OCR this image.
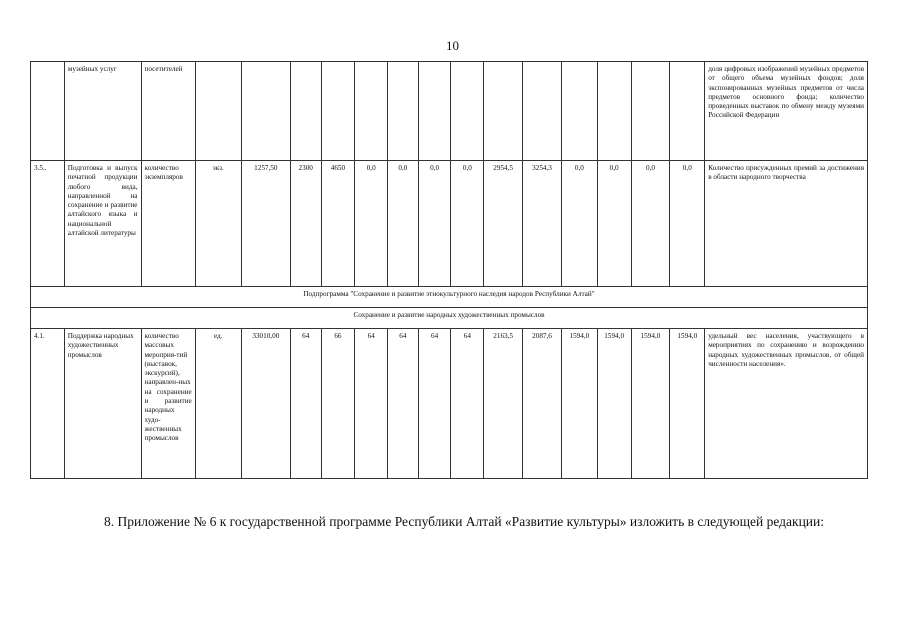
10
	музейных услуг	посетителей															доля цифровых изображений музейных предметов от общего объема музейных фондов; доля экспонированных музейных предметов от числа предметов основного фонда; количество проведенных выставок по обмену между музеями Российской Федерации
3.5..	Подготовка и выпуск печатной продукции любого вида, направленной на сохранение и развитие алтайского языка и национальной алтайской литературы	количество экземпляров	экз.	1257,50	2300	4650	0,0	0,0	0,0	0,0	2954,5	3254,3	0,0	0,0	0,0	0,0	Количество присужденных премий за достижения в области народного творчества
Подпрограмма "Сохранение и развитие этнокультурного наследия народов Республики Алтай"																	
Сохранение и развитие народных художественных промыслов																	
4.1.	Поддержка народных художественных промыслов	количество массовых мероприя-тий (выставок, экскурсий), направлен-ных на сохранение и развитие народных худо-жественных промыслов	ед.	33010,00	64	66	64	64	64	64	2163,5	2087,6	1594,0	1594,0	1594,0	1594,0	удельный вес населения, участвующего в мероприятиях по сохранению и возрождению народных художественных промыслов, от общей численности населения».
8. Приложение № 6 к государственной программе Республики Алтай «Развитие культуры» изложить в следующей редакции:
